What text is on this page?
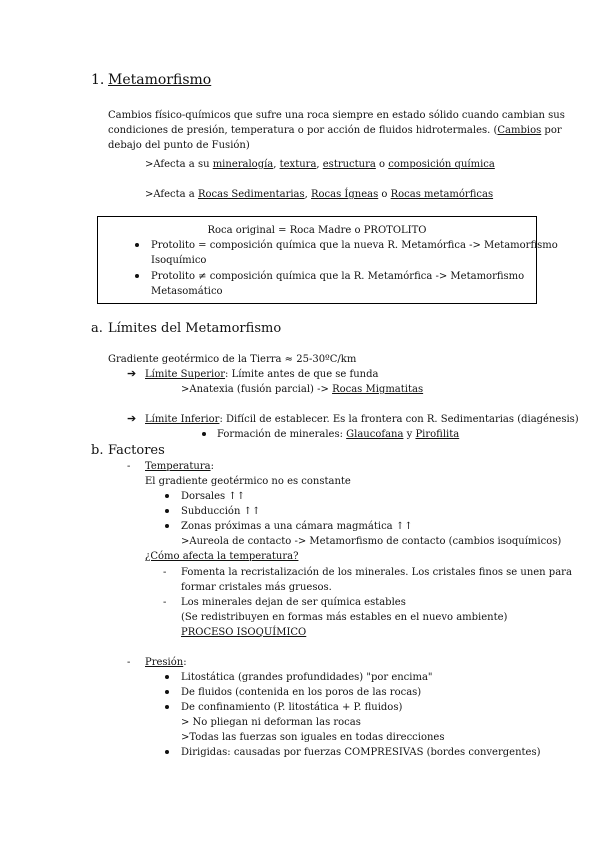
1. Metamorfismo
Cambios físico-químicos que sufre una roca siempre en estado sólido cuando cambian sus
condiciones de presión, temperatura o por acción de fluidos hidrotermales. (Cambios por
debajo del punto de Fusión)
>Afecta a su mineralogía, textura, estructura o composición química
>Afecta a Rocas Sedimentarias, Rocas Ígneas o Rocas metamórficas
Roca original = Roca Madre o PROTOLITO
Protolito = composición química que la nueva R. Metamórfica -> Metamorfismo
Isoquímico
Protolito ≠ composición química que la R. Metamórfica -> Metamorfismo
Metasomático
a. Límites del Metamorfismo
Gradiente geotérmico de la Tierra ≈ 25-30ºC/km
➔ Límite Superior: Límite antes de que se funda
>Anatexia (fusión parcial) -> Rocas Migmatitas
➔ Límite Inferior: Difícil de establecer. Es la frontera con R. Sedimentarias (diagénesis)
Formación de minerales: Glaucofana y Pirofilita
b. Factores
- Temperatura:
El gradiente geotérmico no es constante
Dorsales ↑↑
Subducción ↑↑
Zonas próximas a una cámara magmática ↑↑
>Aureola de contacto -> Metamorfismo de contacto (cambios isoquímicos)
¿Cómo afecta la temperatura?
- Fomenta la recristalización de los minerales. Los cristales finos se unen para
formar cristales más gruesos.
- Los minerales dejan de ser química estables
(Se redistribuyen en formas más estables en el nuevo ambiente)
PROCESO ISOQUÍMICO
- Presión:
Litostática (grandes profundidades) "por encima"
De fluidos (contenida en los poros de las rocas)
De confinamiento (P. litostática + P. fluidos)
> No pliegan ni deforman las rocas
>Todas las fuerzas son iguales en todas direcciones
Dirigidas: causadas por fuerzas COMPRESIVAS (bordes convergentes)
